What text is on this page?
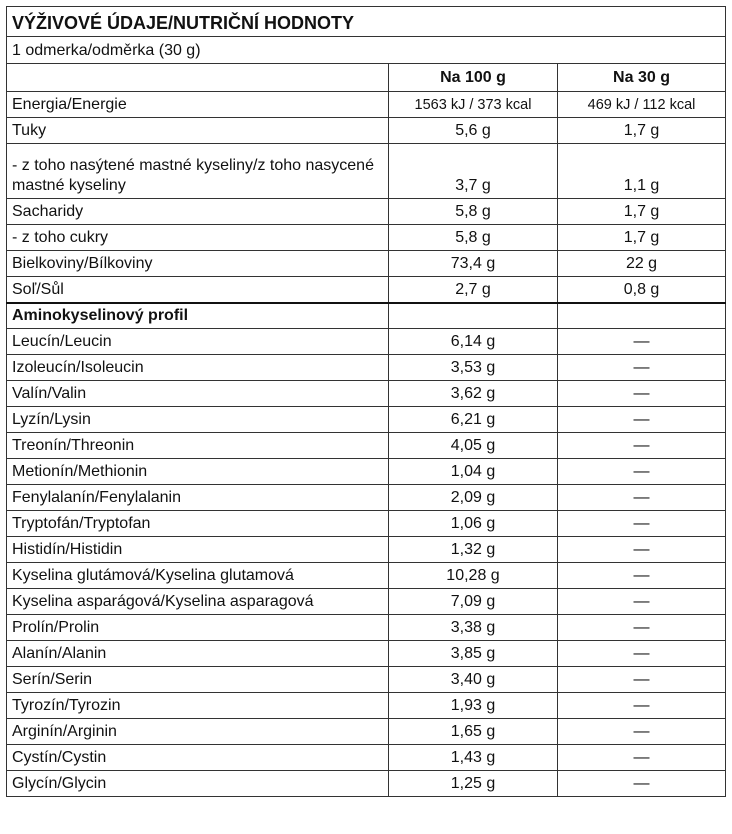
VÝŽIVOVÉ ÚDAJE/NUTRIČNÍ HODNOTY		
1 odmerka/odměrka (30 g)		
	Na 100 g	Na 30 g
Energia/Energie	1563 kJ / 373 kcal	469 kJ / 112 kcal
Tuky	5,6 g	1,7 g
- z toho nasýtené mastné kyseliny/z toho nasycené mastné kyseliny	3,7 g	1,1 g
Sacharidy	5,8 g	1,7 g
- z toho cukry	5,8 g	1,7 g
Bielkoviny/Bílkoviny	73,4 g	22 g
Soľ/Sůl	2,7 g	0,8 g
Aminokyselinový profil		
Leucín/Leucin	6,14 g	—
Izoleucín/Isoleucin	3,53 g	—
Valín/Valin	3,62 g	—
Lyzín/Lysin	6,21 g	—
Treonín/Threonin	4,05 g	—
Metionín/Methionin	1,04 g	—
Fenylalanín/Fenylalanin	2,09 g	—
Tryptofán/Tryptofan	1,06 g	—
Histidín/Histidin	1,32 g	—
Kyselina glutámová/Kyselina glutamová	10,28 g	—
Kyselina asparágová/Kyselina asparagová	7,09 g	—
Prolín/Prolin	3,38 g	—
Alanín/Alanin	3,85 g	—
Serín/Serin	3,40 g	—
Tyrozín/Tyrozin	1,93 g	—
Arginín/Arginin	1,65 g	—
Cystín/Cystin	1,43 g	—
Glycín/Glycin	1,25 g	—
